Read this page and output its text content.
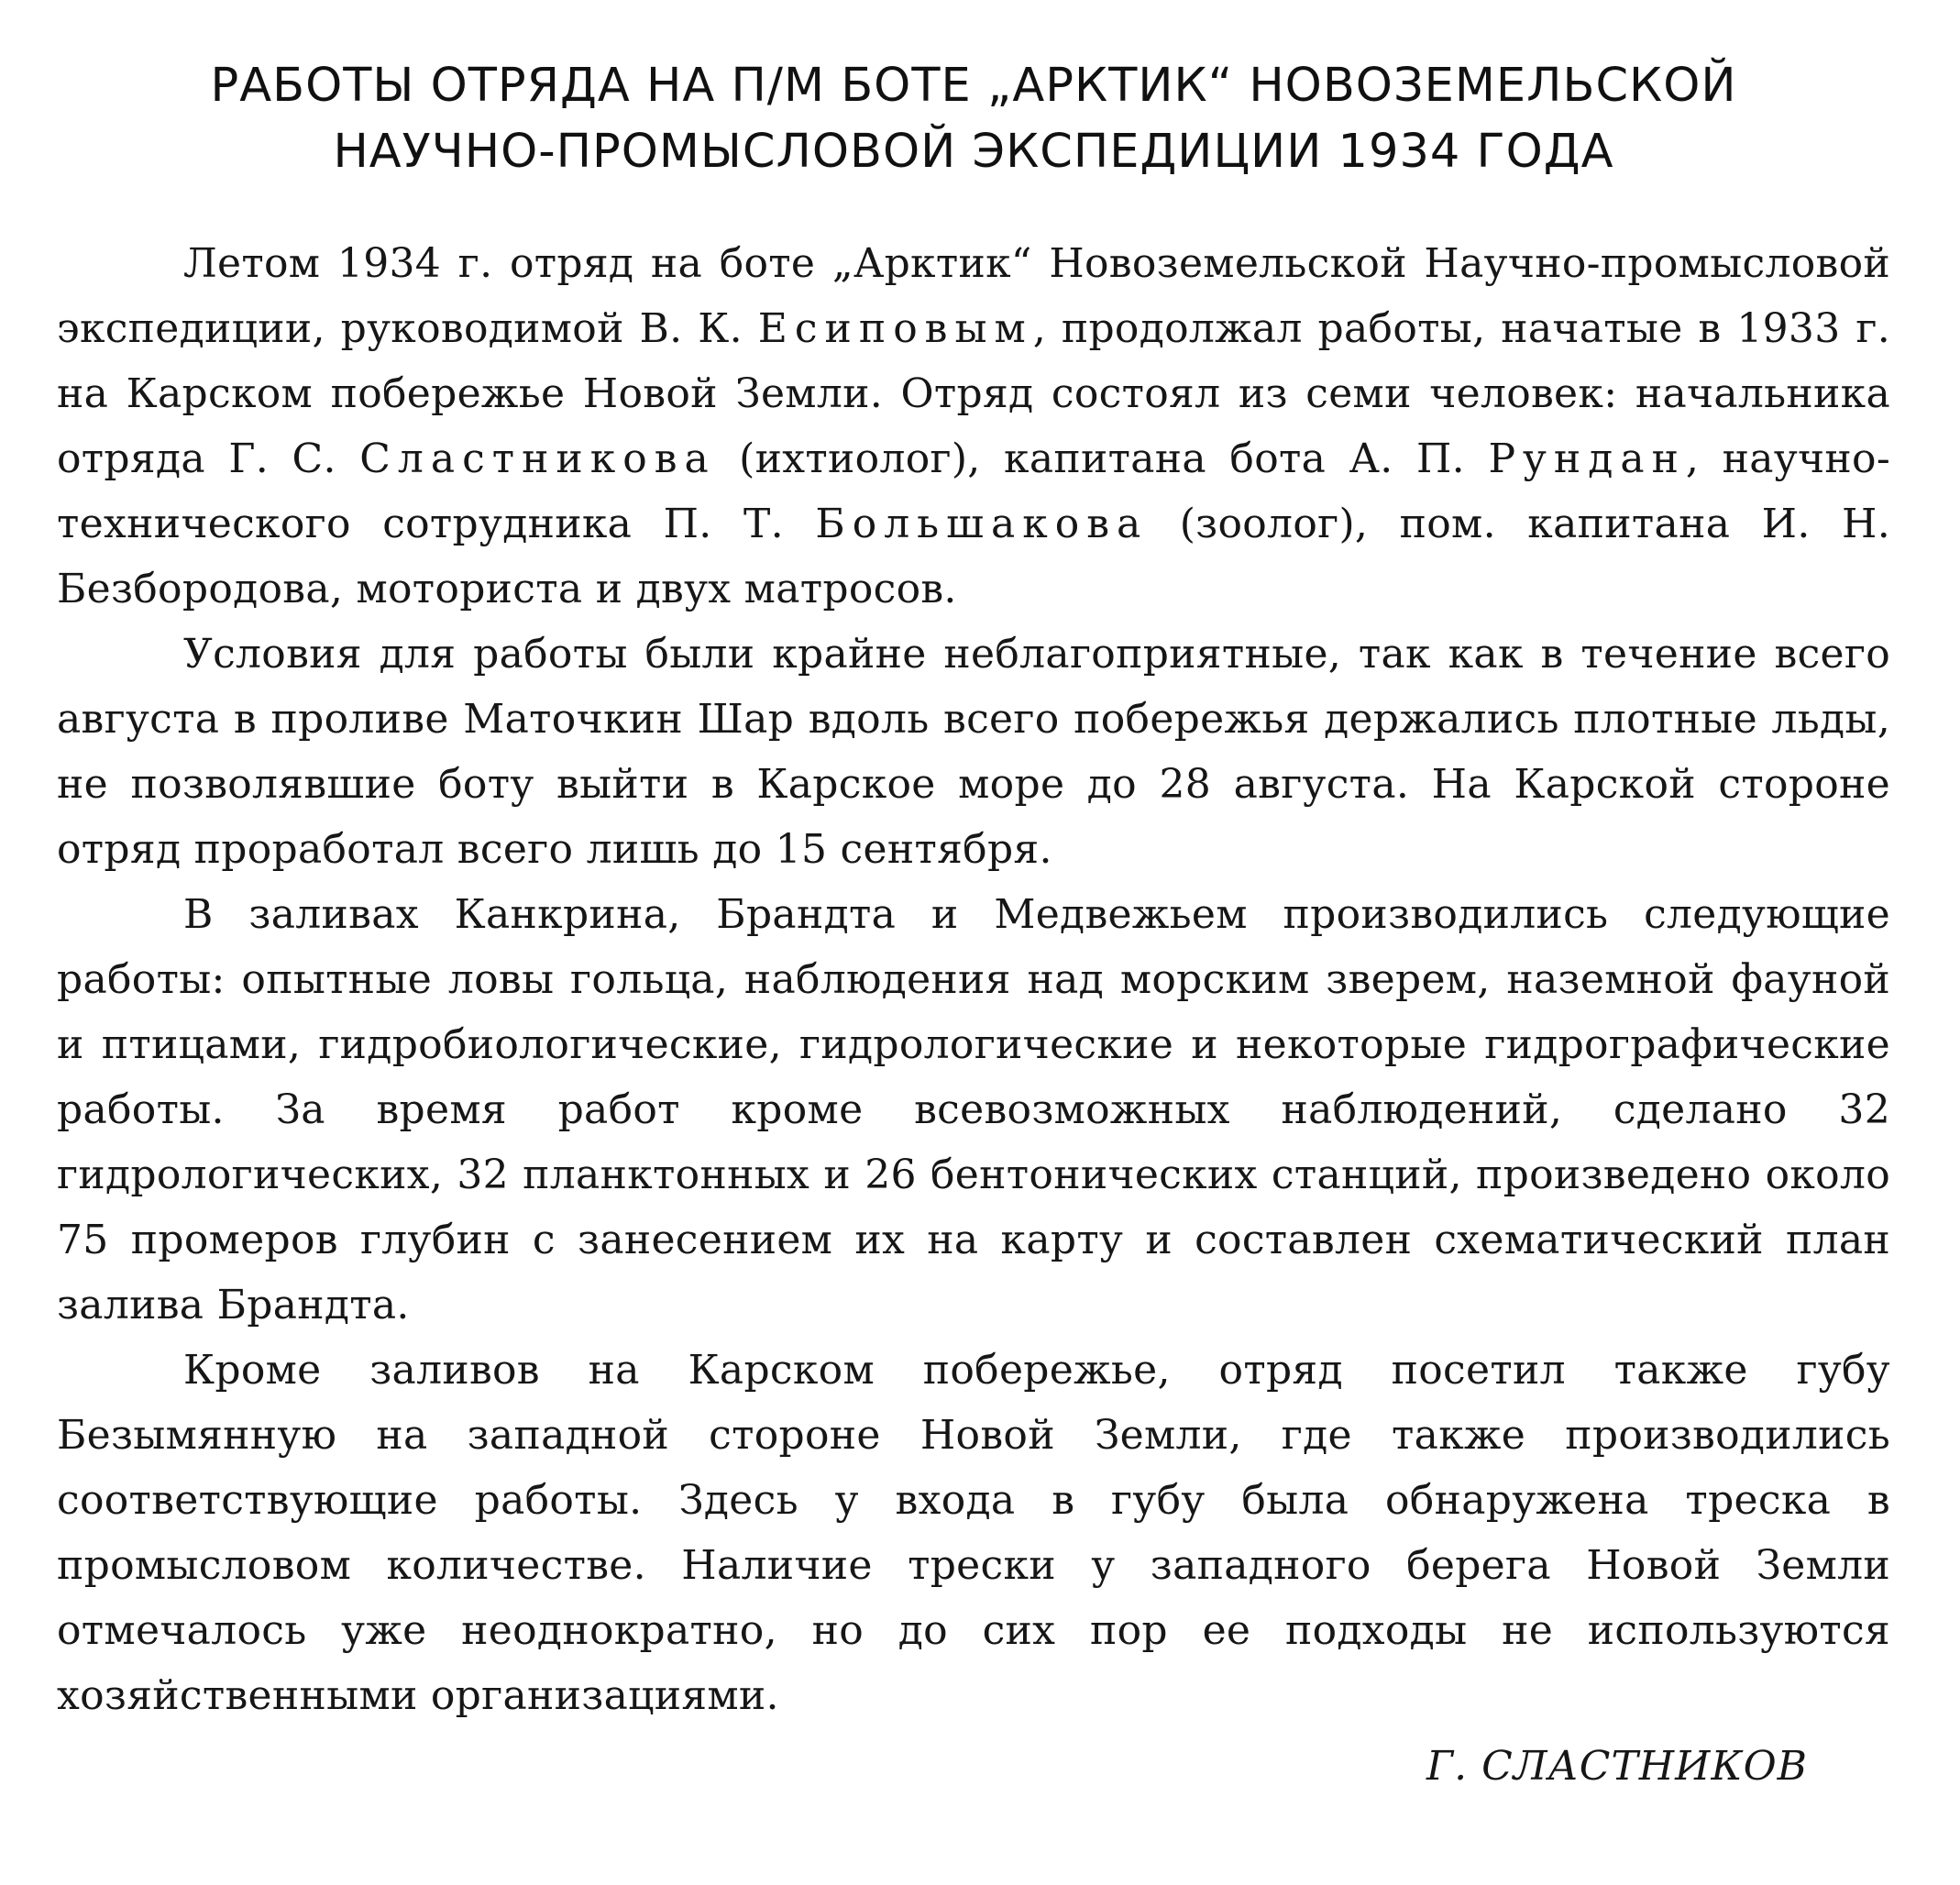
РАБОТЫ ОТРЯДА НА П/М БОТЕ „АРКТИК“ НОВОЗЕМЕЛЬСКОЙ
НАУЧНО-ПРОМЫСЛОВОЙ ЭКСПЕДИЦИИ 1934 ГОДА

Летом 1934 г. отряд на боте „Арктик“ Новоземельской Научно-промысловой экспедиции, руководимой В. К. Есиповым, продолжал работы, начатые в 1933 г. на Карском побережье Новой Земли. Отряд состоял из семи человек: начальника отряда Г. С. Сластникова (ихтиолог), капитана бота А. П. Рундан, научно-технического сотрудника П. Т. Большакова (зоолог), пом. капитана И. Н. Безбородова, моториста и двух матросов.

Условия для работы были крайне неблагоприятные, так как в течение всего августа в проливе Маточкин Шар вдоль всего побережья держались плотные льды, не позволявшие боту выйти в Карское море до 28 августа. На Карской стороне отряд проработал всего лишь до 15 сентября.

В заливах Канкрина, Брандта и Медвежьем производились следующие работы: опытные ловы гольца, наблюдения над морским зверем, наземной фауной и птицами, гидробиологические, гидрологические и некоторые гидрографические работы. За время работ кроме всевозможных наблюдений, сделано 32 гидрологических, 32 планктонных и 26 бентонических станций, произведено около 75 промеров глубин с занесением их на карту и составлен схематический план залива Брандта.

Кроме заливов на Карском побережье, отряд посетил также губу Безымянную на западной стороне Новой Земли, где также производились соответствующие работы. Здесь у входа в губу была обнаружена треска в промысловом количестве. Наличие трески у западного берега Новой Земли отмечалось уже неоднократно, но до сих пор ее подходы не используются хозяйственными организациями.

Г. СЛАСТНИКОВ
